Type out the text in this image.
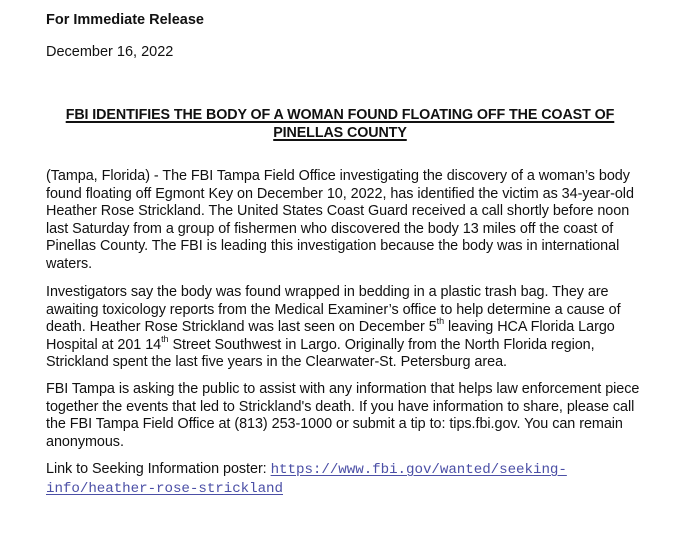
For Immediate Release

December 16, 2022

FBI IDENTIFIES THE BODY OF A WOMAN FOUND FLOATING OFF THE COAST OF
PINELLAS COUNTY

(Tampa, Florida) - The FBI Tampa Field Office investigating the discovery of a woman’s body
found floating off Egmont Key on December 10, 2022, has identified the victim as 34-year-old
Heather Rose Strickland. The United States Coast Guard received a call shortly before noon
last Saturday from a group of fishermen who discovered the body 13 miles off the coast of
Pinellas County. The FBI is leading this investigation because the body was in international
waters.

Investigators say the body was found wrapped in bedding in a plastic trash bag. They are
awaiting toxicology reports from the Medical Examiner’s office to help determine a cause of
death. Heather Rose Strickland was last seen on December 5th leaving HCA Florida Largo
Hospital at 201 14th Street Southwest in Largo. Originally from the North Florida region,
Strickland spent the last five years in the Clearwater-St. Petersburg area.

FBI Tampa is asking the public to assist with any information that helps law enforcement piece
together the events that led to Strickland's death. If you have information to share, please call
the FBI Tampa Field Office at (813) 253-1000 or submit a tip to: tips.fbi.gov. You can remain
anonymous.

Link to Seeking Information poster: https://www.fbi.gov/wanted/seeking-
info/heather-rose-strickland
